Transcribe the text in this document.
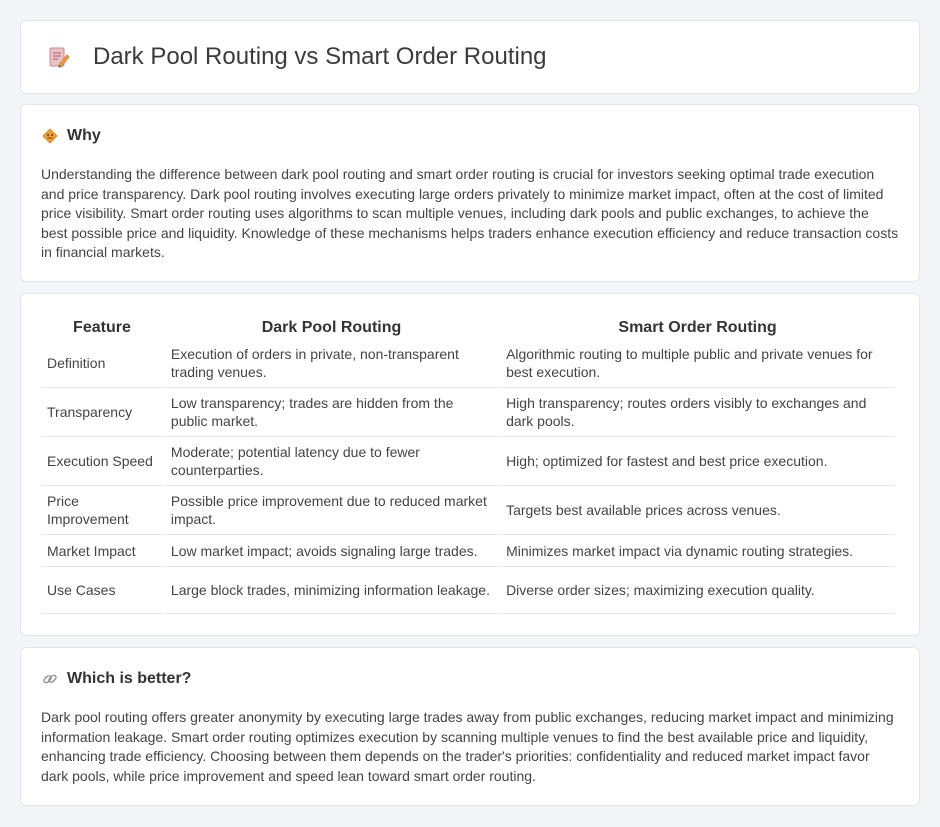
Dark Pool Routing vs Smart Order Routing
Why

Understanding the difference between dark pool routing and smart order routing is crucial for investors seeking optimal trade execution and price transparency. Dark pool routing involves executing large orders privately to minimize market impact, often at the cost of limited price visibility. Smart order routing uses algorithms to scan multiple venues, including dark pools and public exchanges, to achieve the best possible price and liquidity. Knowledge of these mechanisms helps traders enhance execution efficiency and reduce transaction costs in financial markets.

Feature	Dark Pool Routing	Smart Order Routing
Definition	Execution of orders in private, non-transparent trading venues.	Algorithmic routing to multiple public and private venues for best execution.
Transparency	Low transparency; trades are hidden from the public market.	High transparency; routes orders visibly to exchanges and dark pools.
Execution Speed	Moderate; potential latency due to fewer counterparties.	High; optimized for fastest and best price execution.
Price Improvement	Possible price improvement due to reduced market impact.	Targets best available prices across venues.
Market Impact	Low market impact; avoids signaling large trades.	Minimizes market impact via dynamic routing strategies.
Use Cases	Large block trades, minimizing information leakage.	Diverse order sizes; maximizing execution quality.
Which is better?

Dark pool routing offers greater anonymity by executing large trades away from public exchanges, reducing market impact and minimizing information leakage. Smart order routing optimizes execution by scanning multiple venues to find the best available price and liquidity, enhancing trade efficiency. Choosing between them depends on the trader's priorities: confidentiality and reduced market impact favor dark pools, while price improvement and speed lean toward smart order routing.
